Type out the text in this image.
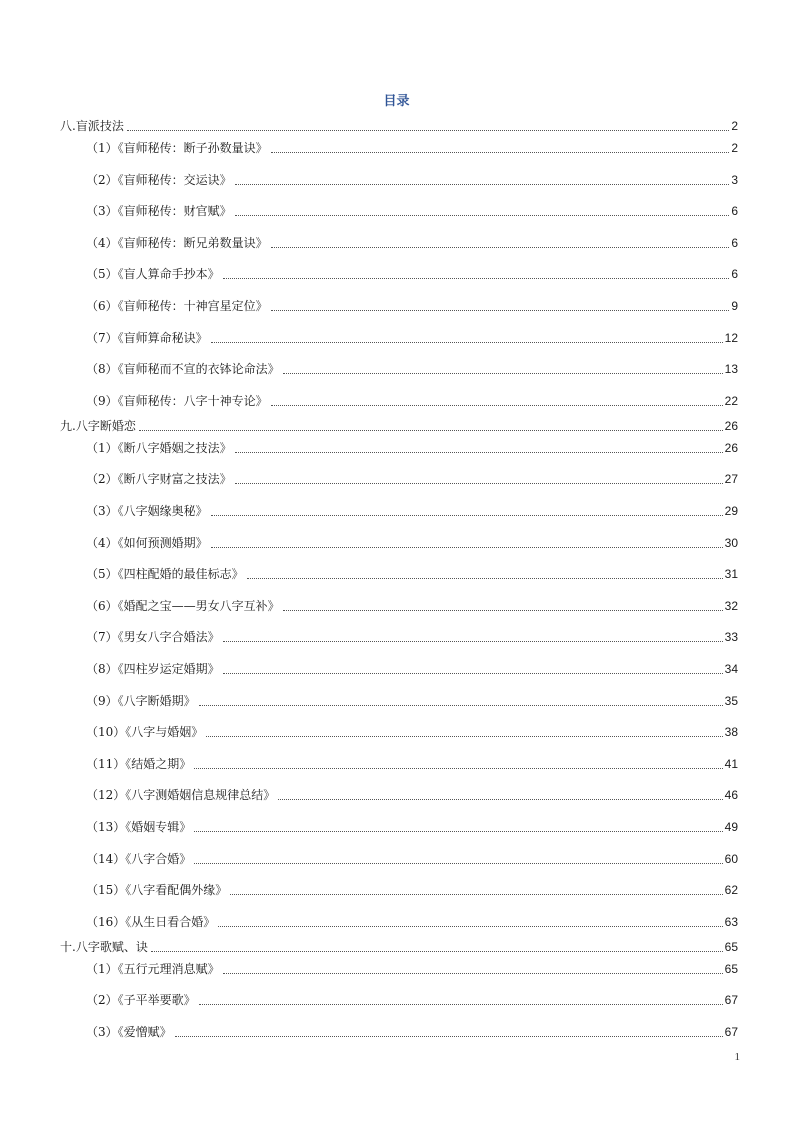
目录
八.盲派技法	2
（1）《盲师秘传：断子孙数量诀》	2
（2）《盲师秘传：交运诀》	3
（3）《盲师秘传：财官赋》	6
（4）《盲师秘传：断兄弟数量诀》	6
（5）《盲人算命手抄本》	6
（6）《盲师秘传：十神宫星定位》	9
（7）《盲师算命秘诀》	12
（8）《盲师秘而不宣的衣钵论命法》	13
（9）《盲师秘传：八字十神专论》	22
九.八字断婚恋	26
（1）《断八字婚姻之技法》	26
（2）《断八字财富之技法》	27
（3）《八字姻缘奥秘》	29
（4）《如何预测婚期》	30
（5）《四柱配婚的最佳标志》	31
（6）《婚配之宝——男女八字互补》	32
（7）《男女八字合婚法》	33
（8）《四柱岁运定婚期》	34
（9）《八字断婚期》	35
（10）《八字与婚姻》	38
（11）《结婚之期》	41
（12）《八字测婚姻信息规律总结》	46
（13）《婚姻专辑》	49
（14）《八字合婚》	60
（15）《八字看配偶外缘》	62
（16）《从生日看合婚》	63
十.八字歌赋、诀	65
（1）《五行元理消息赋》	65
（2）《子平举要歌》	67
（3）《爱憎赋》	67
1
